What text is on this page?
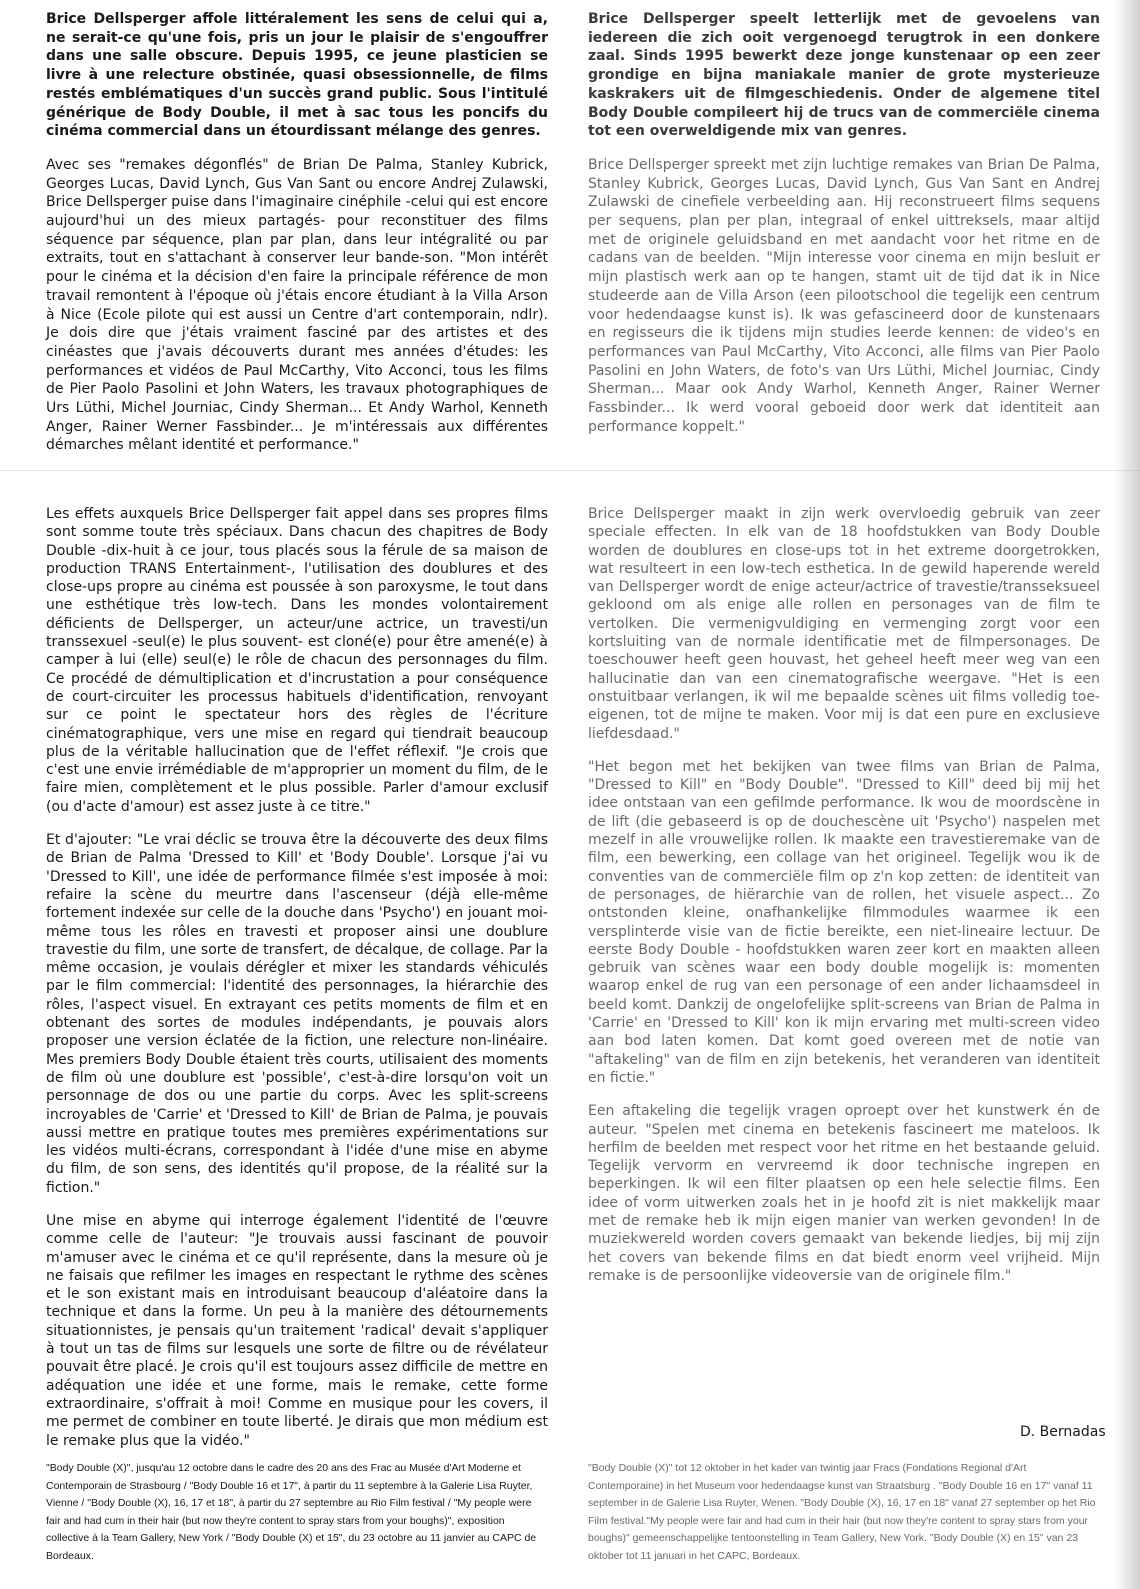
Brice Dellsperger affole littéralement les sens de celui qui a, ne serait-ce qu'une fois, pris un jour le plaisir de s'engouffrer dans une salle obscure. Depuis 1995, ce jeune plasticien se livre à une relecture obstinée, quasi obsessionnelle, de films restés emblématiques d'un succès grand public. Sous l'intitulé générique de Body Double, il met à sac tous les poncifs du cinéma commercial dans un étourdissant mélange des genres.

Avec ses "remakes dégonflés" de Brian De Palma, Stanley Kubrick, Georges Lucas, David Lynch, Gus Van Sant ou encore Andrej Zulawski, Brice Dellsperger puise dans l'imaginaire cinéphile -celui qui est encore aujourd'hui un des mieux partagés- pour reconstituer des films séquence par séquence, plan par plan, dans leur intégralité ou par extraits, tout en s'attachant à conserver leur bande-son. "Mon intérêt pour le cinéma et la décision d'en faire la principale référence de mon travail remontent à l'époque où j'étais encore étudiant à la Villa Arson à Nice (Ecole pilote qui est aussi un Centre d'art contemporain, ndlr). Je dois dire que j'étais vraiment fasciné par des artistes et des cinéastes que j'avais découverts durant mes années d'études: les performances et vidéos de Paul McCarthy, Vito Acconci, tous les films de Pier Paolo Pasolini et John Waters, les travaux photographiques de Urs Lüthi, Michel Journiac, Cindy Sherman... Et Andy Warhol, Kenneth Anger, Rainer Werner Fassbinder... Je m'intéressais aux différentes démarches mêlant identité et performance."

Brice Dellsperger speelt letterlijk met de gevoelens van iedereen die zich ooit vergenoegd terugtrok in een donkere zaal. Sinds 1995 bewerkt deze jonge kunstenaar op een zeer grondige en bijna maniakale manier de grote mysterieuze kaskrakers uit de filmgeschiedenis. Onder de algemene titel Body Double compileert hij de trucs van de commerciële cinema tot een overweldigende mix van genres.

Brice Dellsperger spreekt met zijn luchtige remakes van Brian De Palma, Stanley Kubrick, Georges Lucas, David Lynch, Gus Van Sant en Andrej Zulawski de cinefiele verbeelding aan. Hij reconstrueert films sequens per sequens, plan per plan, integraal of enkel uittreksels, maar altijd met de originele geluidsband en met aandacht voor het ritme en de cadans van de beelden. "Mijn interesse voor cinema en mijn besluit er mijn plastisch werk aan op te hangen, stamt uit de tijd dat ik in Nice studeerde aan de Villa Arson (een pilootschool die tegelijk een centrum voor hedendaagse kunst is). Ik was gefascineerd door de kunstenaars en regisseurs die ik tijdens mijn studies leerde kennen: de video's en performances van Paul McCarthy, Vito Acconci, alle films van Pier Paolo Pasolini en John Waters, de foto's van Urs Lüthi, Michel Journiac, Cindy Sherman... Maar ook Andy Warhol, Kenneth Anger, Rainer Werner Fassbinder... Ik werd vooral geboeid door werk dat identiteit aan performance koppelt."

Les effets auxquels Brice Dellsperger fait appel dans ses propres films sont somme toute très spéciaux. Dans chacun des chapitres de Body Double -dix-huit à ce jour, tous placés sous la férule de sa maison de production TRANS Entertainment-, l'utilisation des doublures et des close-ups propre au cinéma est poussée à son paroxysme, le tout dans une esthétique très low-tech. Dans les mondes volontairement déficients de Dellsperger, un acteur/une actrice, un travesti/un transsexuel -seul(e) le plus souvent- est cloné(e) pour être amené(e) à camper à lui (elle) seul(e) le rôle de chacun des personnages du film. Ce procédé de démultiplication et d'incrustation a pour conséquence de court-circuiter les processus habituels d'identification, renvoyant sur ce point le spectateur hors des règles de l'écriture cinématographique, vers une mise en regard qui tiendrait beaucoup plus de la véritable hallucination que de l'effet réflexif. "Je crois que c'est une envie irrémédiable de m'approprier un moment du film, de le faire mien, complètement et le plus possible. Parler d'amour exclusif (ou d'acte d'amour) est assez juste à ce titre."

Et d'ajouter: "Le vrai déclic se trouva être la découverte des deux films de Brian de Palma 'Dressed to Kill' et 'Body Double'. Lorsque j'ai vu 'Dressed to Kill', une idée de performance filmée s'est imposée à moi: refaire la scène du meurtre dans l'ascenseur (déjà elle-même fortement indexée sur celle de la douche dans 'Psycho') en jouant moi-même tous les rôles en travesti et proposer ainsi une doublure travestie du film, une sorte de transfert, de décalque, de collage. Par la même occasion, je voulais dérégler et mixer les standards véhiculés par le film commercial: l'identité des personnages, la hiérarchie des rôles, l'aspect visuel. En extrayant ces petits moments de film et en obtenant des sortes de modules indépendants, je pouvais alors proposer une version éclatée de la fiction, une relecture non-linéaire. Mes premiers Body Double étaient très courts, utilisaient des moments de film où une doublure est 'possible', c'est-à-dire lorsqu'on voit un personnage de dos ou une partie du corps. Avec les split-screens incroyables de 'Carrie' et 'Dressed to Kill' de Brian de Palma, je pouvais aussi mettre en pratique toutes mes premières expérimentations sur les vidéos multi-écrans, correspondant à l'idée d'une mise en abyme du film, de son sens, des identités qu'il propose, de la réalité sur la fiction."

Une mise en abyme qui interroge également l'identité de l'œuvre comme celle de l'auteur: "Je trouvais aussi fascinant de pouvoir m'amuser avec le cinéma et ce qu'il représente, dans la mesure où je ne faisais que refilmer les images en respectant le rythme des scènes et le son existant mais en introduisant beaucoup d'aléatoire dans la technique et dans la forme. Un peu à la manière des détournements situationnistes, je pensais qu'un traitement 'radical' devait s'appliquer à tout un tas de films sur lesquels une sorte de filtre ou de révélateur pouvait être placé. Je crois qu'il est toujours assez difficile de mettre en adéquation une idée et une forme, mais le remake, cette forme extraordinaire, s'offrait à moi! Comme en musique pour les covers, il me permet de combiner en toute liberté. Je dirais que mon médium est le remake plus que la vidéo."

Brice Dellsperger maakt in zijn werk overvloedig gebruik van zeer speciale effecten. In elk van de 18 hoofdstukken van Body Double worden de doublures en close-ups tot in het extreme doorgetrokken, wat resulteert in een low-tech esthetica. In de gewild haperende wereld van Dellsperger wordt de enige acteur/actrice of travestie/transseksueel gekloond om als enige alle rollen en personages van de film te vertolken. Die vermenigvuldiging en vermenging zorgt voor een kortsluiting van de normale identificatie met de filmpersonages. De toeschouwer heeft geen houvast, het geheel heeft meer weg van een hallucinatie dan van een cinematografische weergave. "Het is een onstuitbaar verlangen, ik wil me bepaalde scènes uit films volledig toe-eigenen, tot de mijne te maken. Voor mij is dat een pure en exclusieve liefdesdaad."

"Het begon met het bekijken van twee films van Brian de Palma, "Dressed to Kill" en "Body Double". "Dressed to Kill" deed bij mij het idee ontstaan van een gefilmde performance. Ik wou de moordscène in de lift (die gebaseerd is op de douchescène uit 'Psycho') naspelen met mezelf in alle vrouwelijke rollen. Ik maakte een travestieremake van de film, een bewerking, een collage van het origineel. Tegelijk wou ik de conventies van de commerciële film op z'n kop zetten: de identiteit van de personages, de hiërarchie van de rollen, het visuele aspect... Zo ontstonden kleine, onafhankelijke filmmodules waarmee ik een versplinterde visie van de fictie bereikte, een niet-lineaire lectuur. De eerste Body Double - hoofdstukken waren zeer kort en maakten alleen gebruik van scènes waar een body double mogelijk is: momenten waarop enkel de rug van een personage of een ander lichaamsdeel in beeld komt. Dankzij de ongelofelijke split-screens van Brian de Palma in 'Carrie' en 'Dressed to Kill' kon ik mijn ervaring met multi-screen video aan bod laten komen. Dat komt goed overeen met de notie van "aftakeling" van de film en zijn betekenis, het veranderen van identiteit en fictie."

Een aftakeling die tegelijk vragen oproept over het kunstwerk én de auteur. "Spelen met cinema en betekenis fascineert me mateloos. Ik herfilm de beelden met respect voor het ritme en het bestaande geluid. Tegelijk vervorm en vervreemd ik door technische ingrepen en beperkingen. Ik wil een filter plaatsen op een hele selectie films. Een idee of vorm uitwerken zoals het in je hoofd zit is niet makkelijk maar met de remake heb ik mijn eigen manier van werken gevonden! In de muziekwereld worden covers gemaakt van bekende liedjes, bij mij zijn het covers van bekende films en dat biedt enorm veel vrijheid. Mijn remake is de persoonlijke videoversie van de originele film."

D. Bernadas
"Body Double (X)", jusqu'au 12 octobre dans le cadre des 20 ans des Frac au Musée d'Art Moderne et Contemporain de Strasbourg / "Body Double 16 et 17", à partir du 11 septembre à la Galerie Lisa Ruyter, Vienne / "Body Double (X), 16, 17 et 18", à partir du 27 septembre au Rio Film festival / "My people were fair and had cum in their hair (but now they're content to spray stars from your boughs)", exposition collective à la Team Gallery, New York / "Body Double (X) et 15", du 23 octobre au 11 janvier au CAPC de Bordeaux.
"Body Double (X)" tot 12 oktober in het kader van twintig jaar Fracs (Fondations Regional d'Art Contemporaine) in het Museum voor hedendaagse kunst van Straatsburg . "Body Double 16 en 17" vanaf 11 september in de Galerie Lisa Ruyter, Wenen. "Body Double (X), 16, 17 en 18" vanaf 27 september op het Rio Film festival."My people were fair and had cum in their hair (but now they're content to spray stars from your boughs)" gemeenschappelijke tentoonstelling in Team Gallery, New York. "Body Double (X) en 15" van 23 oktober tot 11 januari in het CAPC, Bordeaux.
